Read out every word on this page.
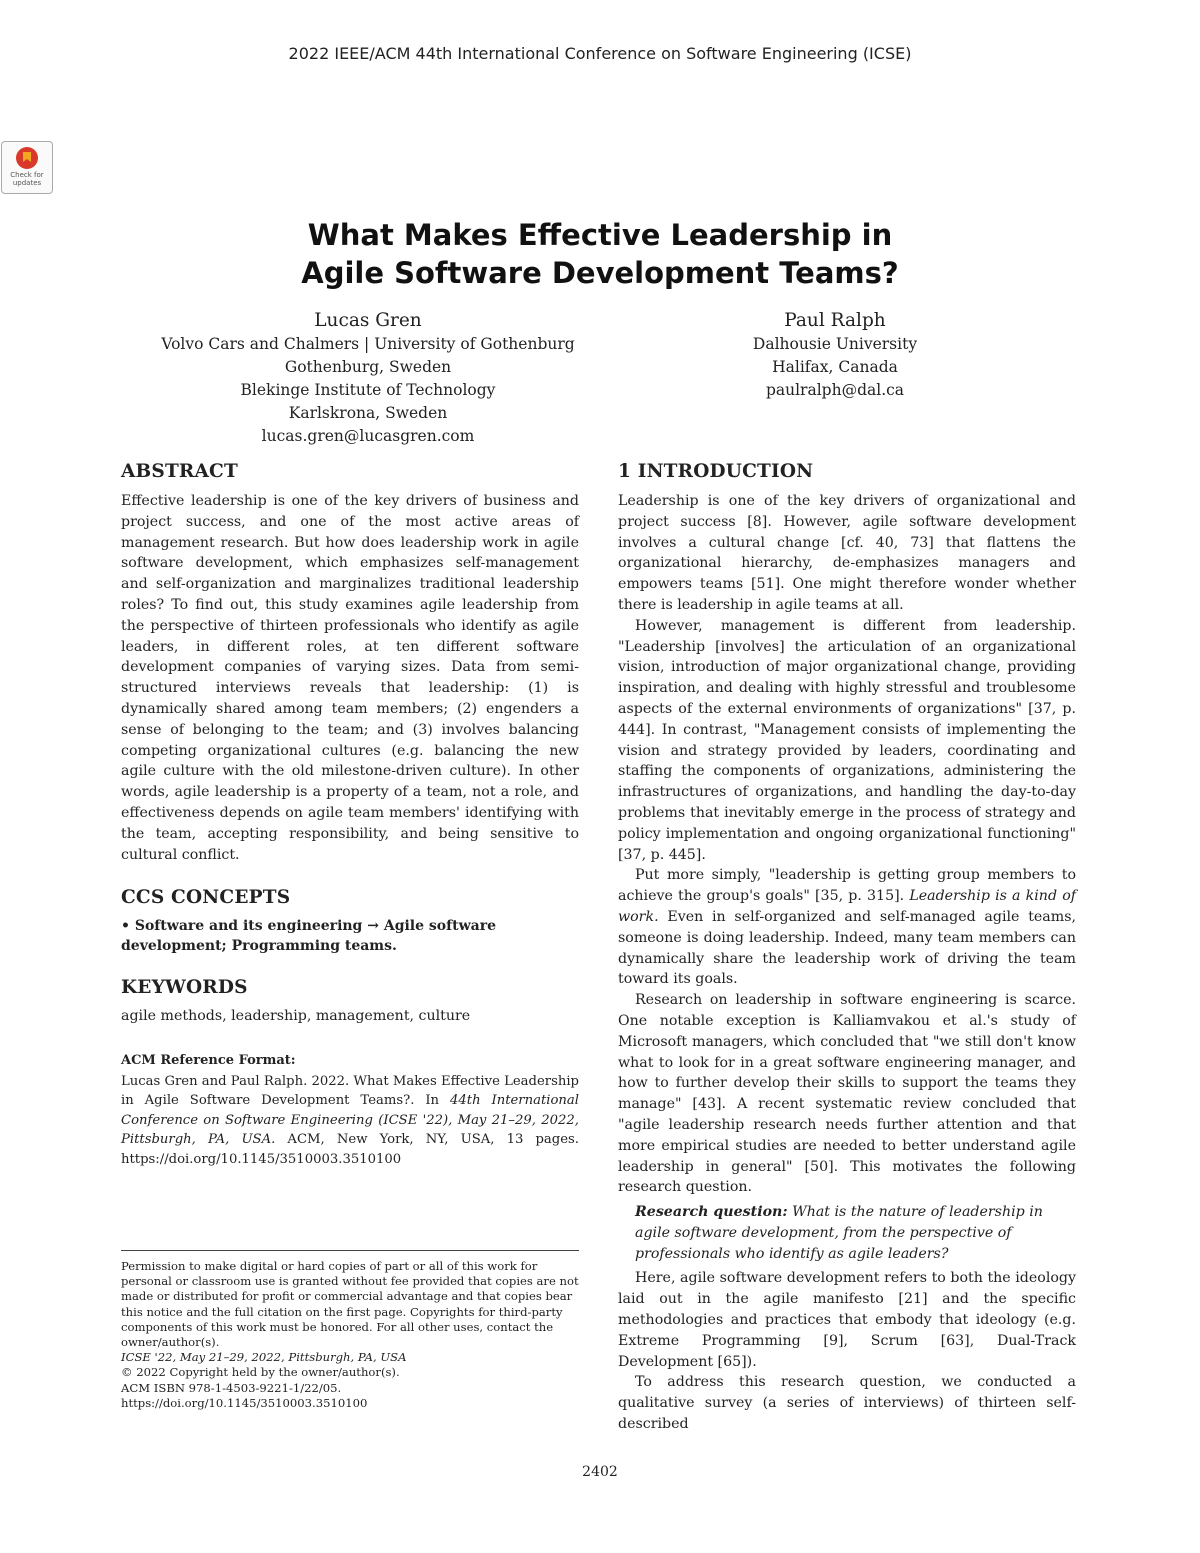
2022 IEEE/ACM 44th International Conference on Software Engineering (ICSE)
Check for
updates
What Makes Effective Leadership in
Agile Software Development Teams?
Lucas Gren
Volvo Cars and Chalmers | University of Gothenburg
Gothenburg, Sweden
Blekinge Institute of Technology
Karlskrona, Sweden
lucas.gren@lucasgren.com
Paul Ralph
Dalhousie University
Halifax, Canada
paulralph@dal.ca
ABSTRACT

Effective leadership is one of the key drivers of business and project success, and one of the most active areas of management research. But how does leadership work in agile software development, which emphasizes self-management and self-organization and marginalizes traditional leadership roles? To find out, this study examines agile leadership from the perspective of thirteen professionals who identify as agile leaders, in different roles, at ten different software development companies of varying sizes. Data from semi-structured interviews reveals that leadership: (1) is dynamically shared among team members; (2) engenders a sense of belonging to the team; and (3) involves balancing competing organizational cultures (e.g. balancing the new agile culture with the old milestone-driven culture). In other words, agile leadership is a property of a team, not a role, and effectiveness depends on agile team members' identifying with the team, accepting responsibility, and being sensitive to cultural conflict.

CCS CONCEPTS

• Software and its engineering → Agile software development; Programming teams.

KEYWORDS

agile methods, leadership, management, culture

ACM Reference Format:

Lucas Gren and Paul Ralph. 2022. What Makes Effective Leadership in Agile Software Development Teams?. In 44th International Conference on Software Engineering (ICSE '22), May 21–29, 2022, Pittsburgh, PA, USA. ACM, New York, NY, USA, 13 pages. https://doi.org/10.1145/3510003.3510100

Permission to make digital or hard copies of part or all of this work for personal or classroom use is granted without fee provided that copies are not made or distributed for profit or commercial advantage and that copies bear this notice and the full citation on the first page. Copyrights for third-party components of this work must be honored. For all other uses, contact the owner/author(s).

ICSE '22, May 21–29, 2022, Pittsburgh, PA, USA

© 2022 Copyright held by the owner/author(s).

ACM ISBN 978-1-4503-9221-1/22/05.

https://doi.org/10.1145/3510003.3510100

1 INTRODUCTION

Leadership is one of the key drivers of organizational and project success [8]. However, agile software development involves a cultural change [cf. 40, 73] that flattens the organizational hierarchy, de-emphasizes managers and empowers teams [51]. One might therefore wonder whether there is leadership in agile teams at all.

However, management is different from leadership. "Leadership [involves] the articulation of an organizational vision, introduction of major organizational change, providing inspiration, and dealing with highly stressful and troublesome aspects of the external environments of organizations" [37, p. 444]. In contrast, "Management consists of implementing the vision and strategy provided by leaders, coordinating and staffing the components of organizations, administering the infrastructures of organizations, and handling the day-to-day problems that inevitably emerge in the process of strategy and policy implementation and ongoing organizational functioning" [37, p. 445].

Put more simply, "leadership is getting group members to achieve the group's goals" [35, p. 315]. Leadership is a kind of work. Even in self-organized and self-managed agile teams, someone is doing leadership. Indeed, many team members can dynamically share the leadership work of driving the team toward its goals.

Research on leadership in software engineering is scarce. One notable exception is Kalliamvakou et al.'s study of Microsoft managers, which concluded that "we still don't know what to look for in a great software engineering manager, and how to further develop their skills to support the teams they manage" [43]. A recent systematic review concluded that "agile leadership research needs further attention and that more empirical studies are needed to better understand agile leadership in general" [50]. This motivates the following research question.

Research question: What is the nature of leadership in agile software development, from the perspective of professionals who identify as agile leaders?

Here, agile software development refers to both the ideology laid out in the agile manifesto [21] and the specific methodologies and practices that embody that ideology (e.g. Extreme Programming [9], Scrum [63], Dual-Track Development [65]).

To address this research question, we conducted a qualitative survey (a series of interviews) of thirteen self-described

2402
